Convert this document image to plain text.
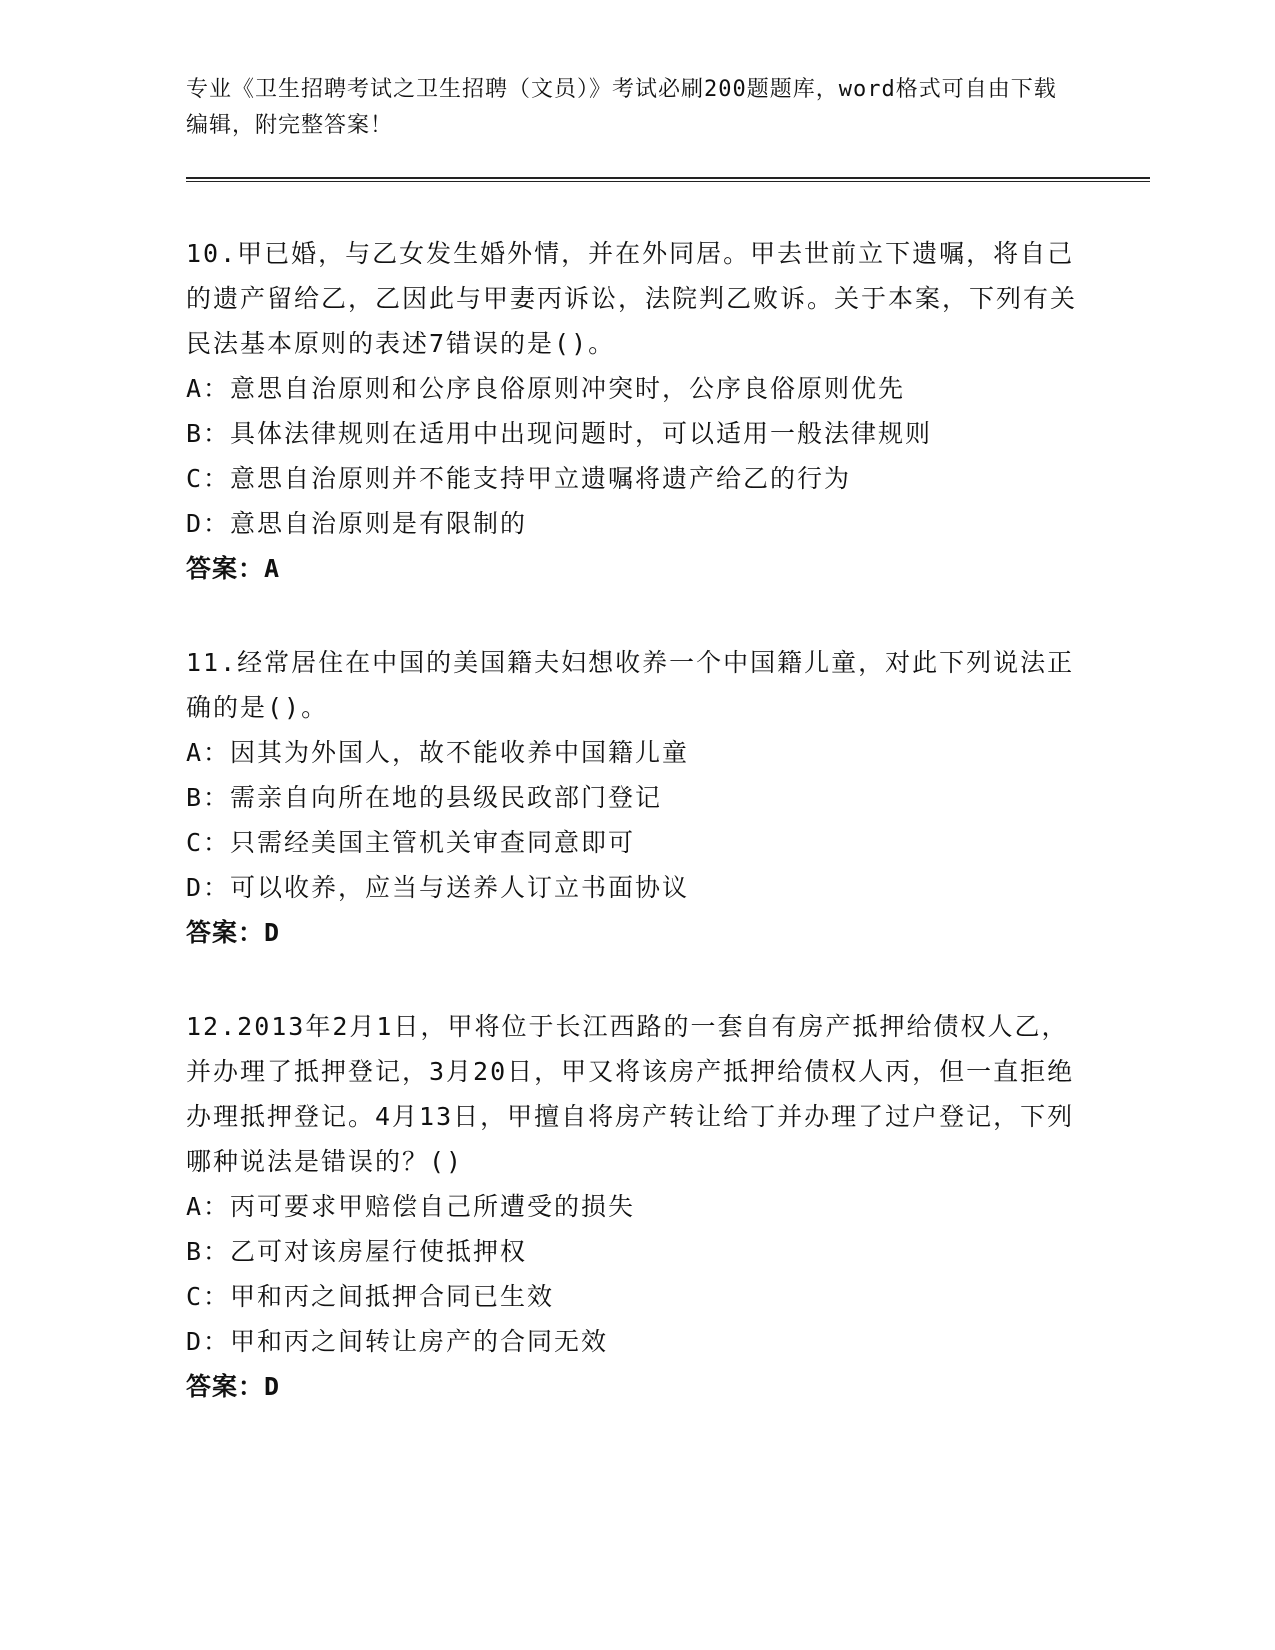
专业《卫生招聘考试之卫生招聘（文员）》考试必刷200题题库，word格式可自由下载编辑，附完整答案！
10.甲已婚，与乙女发生婚外情，并在外同居。甲去世前立下遗嘱，将自己的遗产留给乙，乙因此与甲妻丙诉讼，法院判乙败诉。关于本案，下列有关民法基本原则的表述7错误的是()。
A：意思自治原则和公序良俗原则冲突时，公序良俗原则优先
B：具体法律规则在适用中出现问题时，可以适用一般法律规则
C：意思自治原则并不能支持甲立遗嘱将遗产给乙的行为
D：意思自治原则是有限制的
答案：A
11.经常居住在中国的美国籍夫妇想收养一个中国籍儿童，对此下列说法正确的是()。
A：因其为外国人，故不能收养中国籍儿童
B：需亲自向所在地的县级民政部门登记
C：只需经美国主管机关审查同意即可
D：可以收养，应当与送养人订立书面协议
答案：D
12.2013年2月1日，甲将位于长江西路的一套自有房产抵押给债权人乙，并办理了抵押登记，3月20日，甲又将该房产抵押给债权人丙，但一直拒绝办理抵押登记。4月13日，甲擅自将房产转让给丁并办理了过户登记，下列哪种说法是错误的？()
A：丙可要求甲赔偿自己所遭受的损失
B：乙可对该房屋行使抵押权
C：甲和丙之间抵押合同已生效
D：甲和丙之间转让房产的合同无效
答案：D
